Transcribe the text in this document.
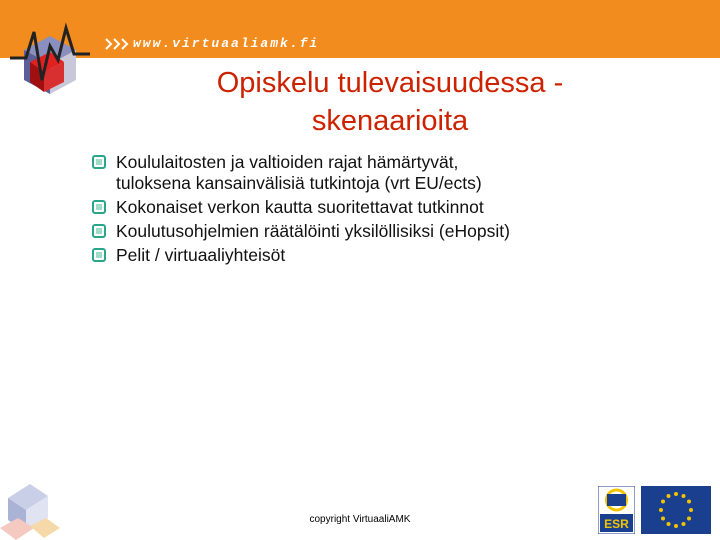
www.virtuaaliamk.fi
Opiskelu tulevaisuudessa -
skenaarioita
Koululaitosten ja valtioiden rajat hämärtyvät,
tuloksena kansainvälisiä tutkintoja (vrt EU/ects)
Kokonaiset verkon kautta suoritettavat tutkinnot
Koulutusohjelmien räätälöinti yksilöllisiksi (eHopsit)
Pelit / virtuaaliyhteisöt
copyright VirtuaaliAMK	ESR
